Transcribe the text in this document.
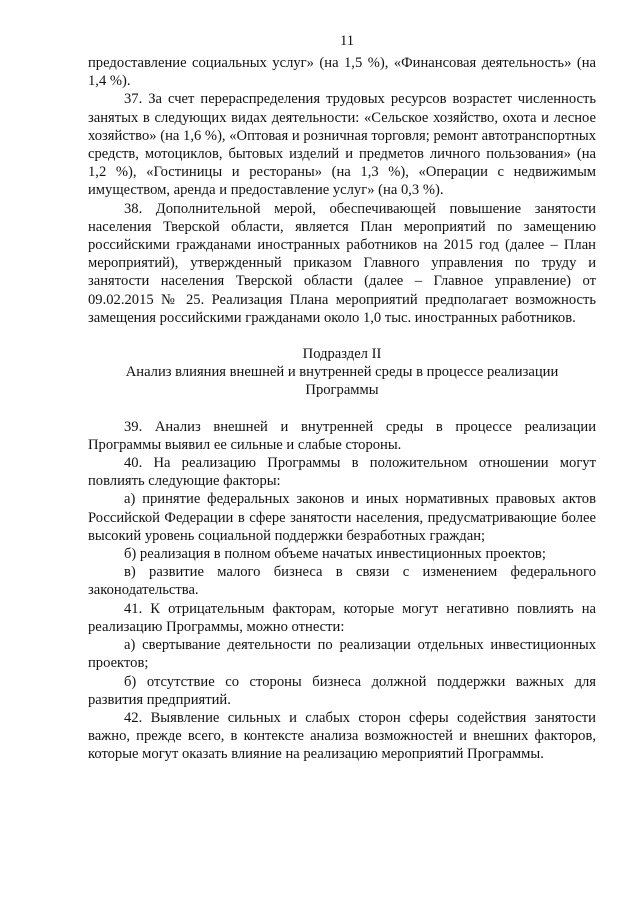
11

предоставление социальных услуг» (на 1,5 %), «Финансовая деятельность» (на 1,4 %).

37. За счет перераспределения трудовых ресурсов возрастет численность занятых в следующих видах деятельности: «Сельское хозяйство, охота и лесное хозяйство» (на 1,6 %), «Оптовая и розничная торговля; ремонт автотранспортных средств, мотоциклов, бытовых изделий и предметов личного пользования» (на 1,2 %), «Гостиницы и рестораны» (на 1,3 %), «Операции с недвижимым имуществом, аренда и предоставление услуг» (на 0,3 %).

38. Дополнительной мерой, обеспечивающей повышение занятости населения Тверской области, является План мероприятий по замещению российскими гражданами иностранных работников на 2015 год (далее – План мероприятий), утвержденный приказом Главного управления по труду и занятости населения Тверской области (далее – Главное управление) от 09.02.2015 № 25. Реализация Плана мероприятий предполагает возможность замещения российскими гражданами около 1,0 тыс. иностранных работников.

Подраздел II
Анализ влияния внешней и внутренней среды в процессе реализации
Программы

39. Анализ внешней и внутренней среды в процессе реализации Программы выявил ее сильные и слабые стороны.

40. На реализацию Программы в положительном отношении могут повлиять следующие факторы:

а) принятие федеральных законов и иных нормативных правовых актов Российской Федерации в сфере занятости населения, предусматривающие более высокий уровень социальной поддержки безработных граждан;

б) реализация в полном объеме начатых инвестиционных проектов;

в) развитие малого бизнеса в связи с изменением федерального законодательства.

41. К отрицательным факторам, которые могут негативно повлиять на реализацию Программы, можно отнести:

а) свертывание деятельности по реализации отдельных инвестиционных проектов;

б) отсутствие со стороны бизнеса должной поддержки важных для развития предприятий.

42. Выявление сильных и слабых сторон сферы содействия занятости важно, прежде всего, в контексте анализа возможностей и внешних факторов, которые могут оказать влияние на реализацию мероприятий Программы.
